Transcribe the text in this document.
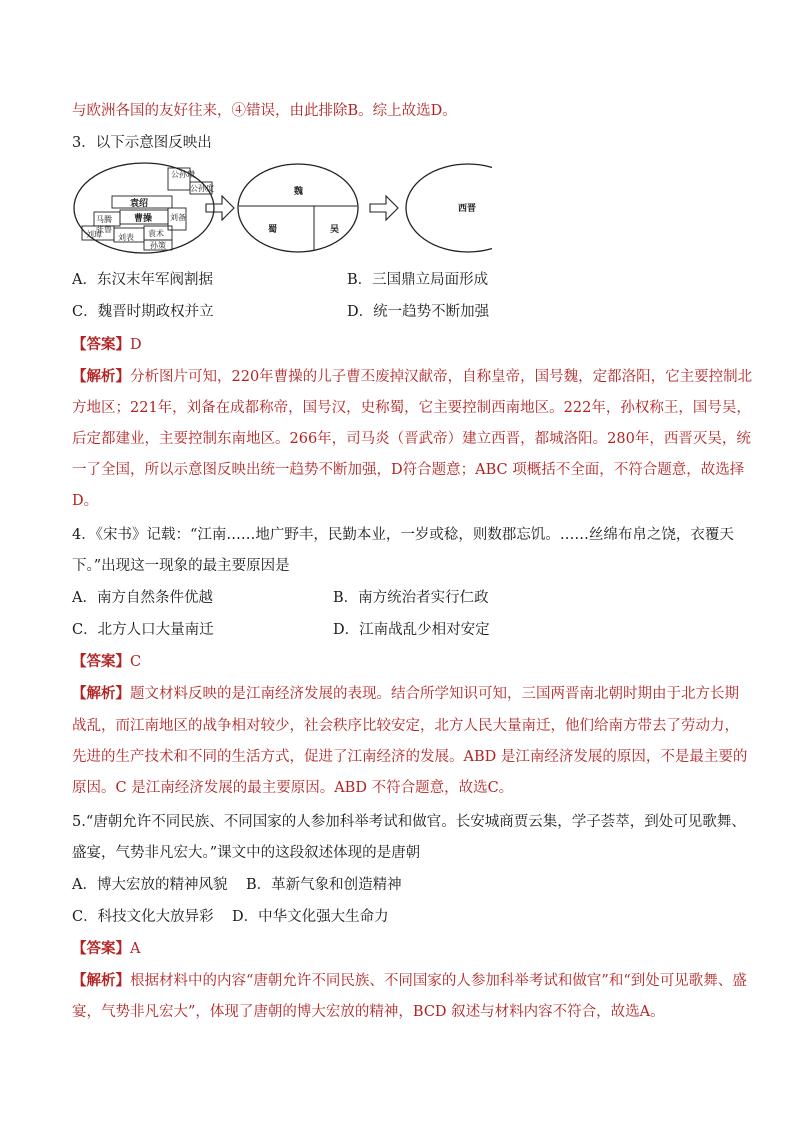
与欧洲各国的友好往来，④错误，由此排除B。综上故选D。
3．以下示意图反映出
公孙瓒
公孙度
袁绍
曹操 刘备
马腾
张鲁
刘璋 刘表 袁术
孙策
魏
蜀	吴
西晋
A．东汉末年军阀割据	B．三国鼎立局面形成
C．魏晋时期政权并立	D．统一趋势不断加强
【答案】D
【解析】分析图片可知，220年曹操的儿子曹丕废掉汉献帝，自称皇帝，国号魏，定都洛阳，它主要控制北
方地区；221年，刘备在成都称帝，国号汉，史称蜀，它主要控制西南地区。222年，孙权称王，国号吴，
后定都建业，主要控制东南地区。266年，司马炎（晋武帝）建立西晋，都城洛阳。280年，西晋灭吴，统
一了全国，所以示意图反映出统一趋势不断加强，D符合题意；ABC 项概括不全面，不符合题意，故选择
D。
4．《宋书》记载：“江南……地广野丰，民勤本业，一岁或稔，则数郡忘饥。……丝绵布帛之饶，衣覆天
下。”出现这一现象的最主要原因是
A．南方自然条件优越	B．南方统治者实行仁政
C．北方人口大量南迁	D．江南战乱少相对安定
【答案】C
【解析】题文材料反映的是江南经济发展的表现。结合所学知识可知，三国两晋南北朝时期由于北方长期
战乱，而江南地区的战争相对较少，社会秩序比较安定，北方人民大量南迁，他们给南方带去了劳动力，
先进的生产技术和不同的生活方式，促进了江南经济的发展。ABD 是江南经济发展的原因，不是最主要的
原因。C 是江南经济发展的最主要原因。ABD 不符合题意，故选C。
5.“唐朝允许不同民族、不同国家的人参加科举考试和做官。长安城商贾云集，学子荟萃，到处可见歌舞、
盛宴，气势非凡宏大。”课文中的这段叙述体现的是唐朝
A．博大宏放的精神风貌 B．革新气象和创造精神
C．科技文化大放异彩 D．中华文化强大生命力
【答案】A
【解析】根据材料中的内容“唐朝允许不同民族、不同国家的人参加科举考试和做官”和“到处可见歌舞、盛
宴，气势非凡宏大”，体现了唐朝的博大宏放的精神，BCD 叙述与材料内容不符合，故选A。
